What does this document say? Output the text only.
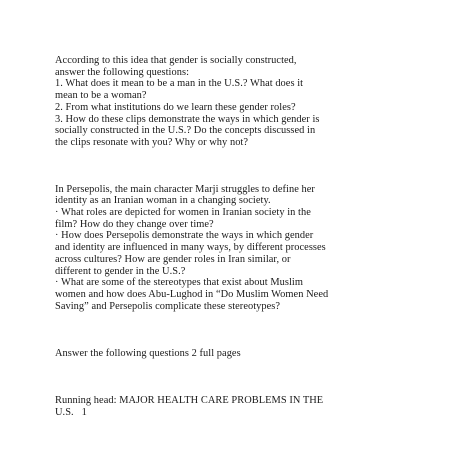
According to this idea that gender is socially constructed,
answer the following questions:
1. What does it mean to be a man in the U.S.? What does it
mean to be a woman?
2. From what institutions do we learn these gender roles?
3. How do these clips demonstrate the ways in which gender is
socially constructed in the U.S.? Do the concepts discussed in
the clips resonate with you? Why or why not?
In Persepolis, the main character Marji struggles to define her
identity as an Iranian woman in a changing society.
· What roles are depicted for women in Iranian society in the
film? How do they change over time?
· How does Persepolis demonstrate the ways in which gender
and identity are influenced in many ways, by different processes
across cultures? How are gender roles in Iran similar, or
different to gender in the U.S.?
· What are some of the stereotypes that exist about Muslim
women and how does Abu-Lughod in “Do Muslim Women Need
Saving” and Persepolis complicate these stereotypes?
Answer the following questions 2 full pages
Running head: MAJOR HEALTH CARE PROBLEMS IN THE
U.S.   1
